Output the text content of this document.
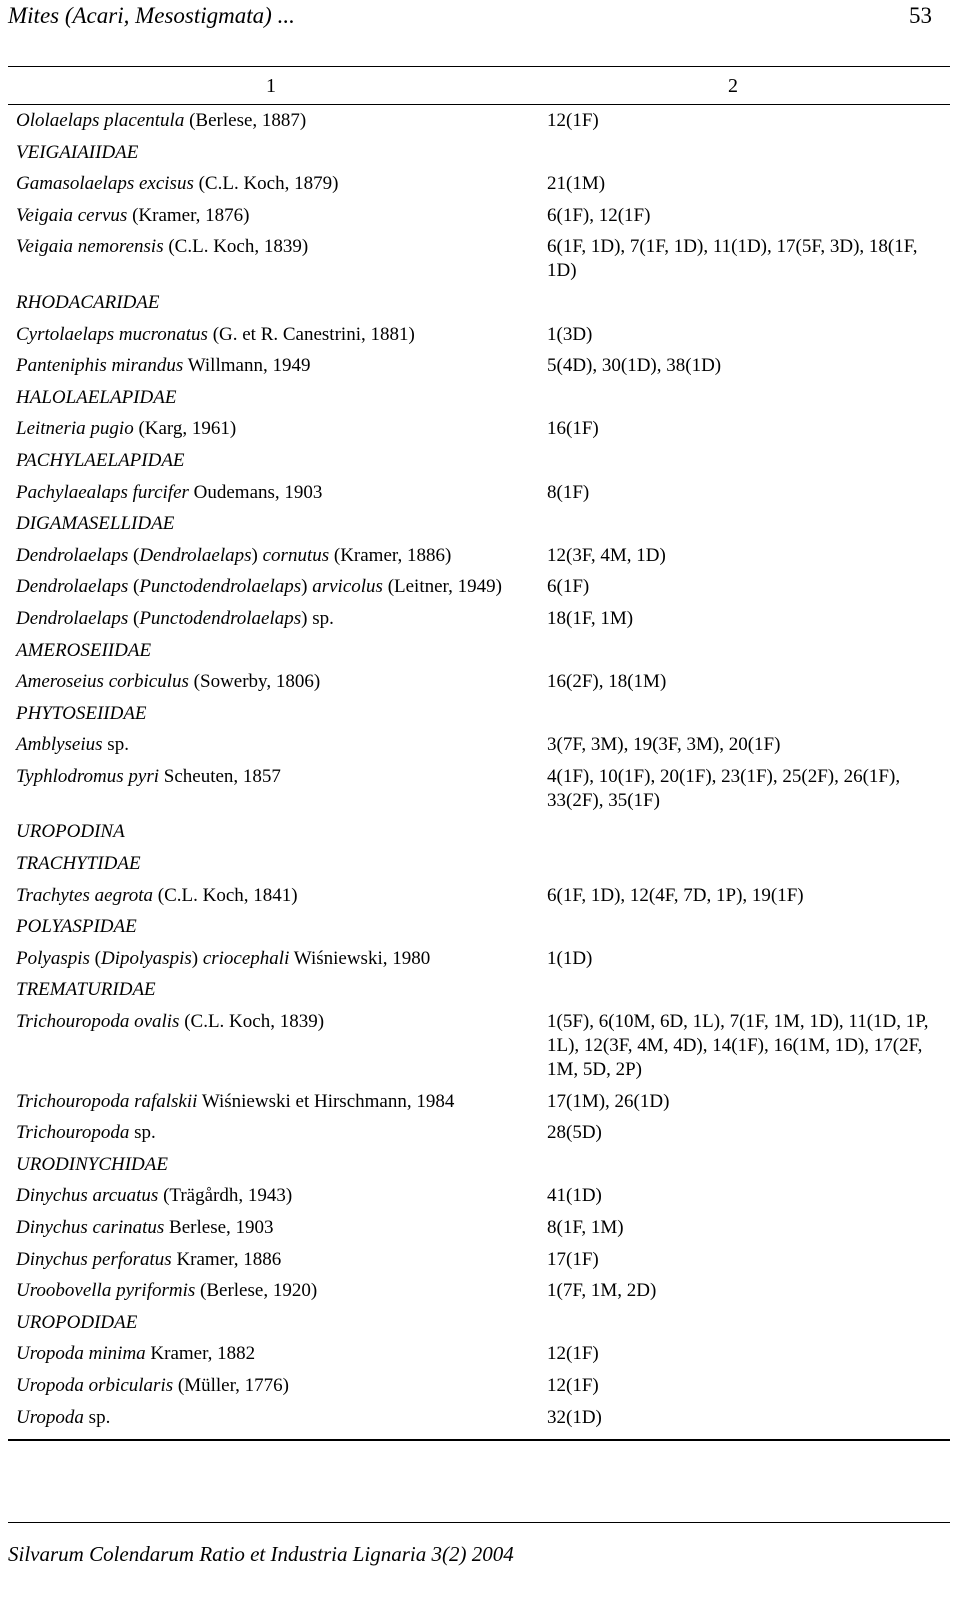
Mites (Acari, Mesostigmata) ...	53
1	2
Ololaelaps placentula (Berlese, 1887)	12(1F)
VEIGAIAIIDAE
Gamasolaelaps excisus (C.L. Koch, 1879)	21(1M)
Veigaia cervus (Kramer, 1876)	6(1F), 12(1F)
Veigaia nemorensis (C.L. Koch, 1839)	6(1F, 1D), 7(1F, 1D), 11(1D), 17(5F, 3D), 18(1F, 1D)
RHODACARIDAE
Cyrtolaelaps mucronatus (G. et R. Canestrini, 1881)	1(3D)
Panteniphis mirandus Willmann, 1949	5(4D), 30(1D), 38(1D)
HALOLAELAPIDAE
Leitneria pugio (Karg, 1961)	16(1F)
PACHYLAELAPIDAE
Pachylaealaps furcifer Oudemans, 1903	8(1F)
DIGAMASELLIDAE
Dendrolaelaps (Dendrolaelaps) cornutus (Kramer, 1886)	12(3F, 4M, 1D)
Dendrolaelaps (Punctodendrolaelaps) arvicolus (Leitner, 1949)	6(1F)
Dendrolaelaps (Punctodendrolaelaps) sp.	18(1F, 1M)
AMEROSEIIDAE
Ameroseius corbiculus (Sowerby, 1806)	16(2F), 18(1M)
PHYTOSEIIDAE
Amblyseius sp.	3(7F, 3M), 19(3F, 3M), 20(1F)
Typhlodromus pyri Scheuten, 1857	4(1F), 10(1F), 20(1F), 23(1F), 25(2F), 26(1F), 33(2F), 35(1F)
UROPODINA
TRACHYTIDAE
Trachytes aegrota (C.L. Koch, 1841)	6(1F, 1D), 12(4F, 7D, 1P), 19(1F)
POLYASPIDAE
Polyaspis (Dipolyaspis) criocephali Wiśniewski, 1980	1(1D)
TREMATURIDAE
Trichouropoda ovalis (C.L. Koch, 1839)	1(5F), 6(10M, 6D, 1L), 7(1F, 1M, 1D), 11(1D, 1P, 1L), 12(3F, 4M, 4D), 14(1F), 16(1M, 1D), 17(2F, 1M, 5D, 2P)
Trichouropoda rafalskii Wiśniewski et Hirschmann, 1984	17(1M), 26(1D)
Trichouropoda sp.	28(5D)
URODINYCHIDAE
Dinychus arcuatus (Trägårdh, 1943)	41(1D)
Dinychus carinatus Berlese, 1903	8(1F, 1M)
Dinychus perforatus Kramer, 1886	17(1F)
Uroobovella pyriformis (Berlese, 1920)	1(7F, 1M, 2D)
UROPODIDAE
Uropoda minima Kramer, 1882	12(1F)
Uropoda orbicularis (Müller, 1776)	12(1F)
Uropoda sp.	32(1D)
Silvarum Colendarum Ratio et Industria Lignaria 3(2) 2004
